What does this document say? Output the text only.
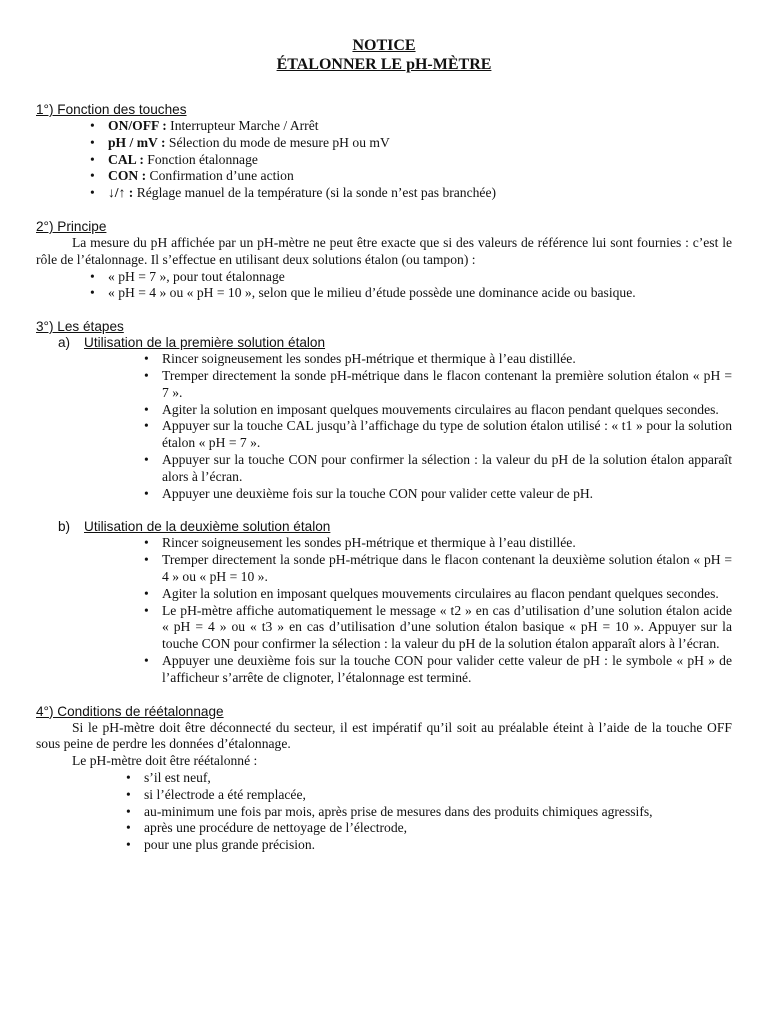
NOTICE
ÉTALONNER LE pH-MÈTRE
1°) Fonction des touches
• ON/OFF : Interrupteur Marche / Arrêt
• pH / mV : Sélection du mode de mesure pH ou mV
• CAL : Fonction étalonnage
• CON : Confirmation d’une action
• ↓/↑ : Réglage manuel de la température (si la sonde n’est pas branchée)
2°) Principe

La mesure du pH affichée par un pH-mètre ne peut être exacte que si des valeurs de référence lui sont fournies : c’est le rôle de l’étalonnage. Il s’effectue en utilisant deux solutions étalon (ou tampon) :

• « pH = 7 », pour tout étalonnage
• « pH = 4 » ou « pH = 10 », selon que le milieu d’étude possède une dominance acide ou basique.
3°) Les étapes
a) Utilisation de la première solution étalon
• Rincer soigneusement les sondes pH-métrique et thermique à l’eau distillée.
• Tremper directement la sonde pH-métrique dans le flacon contenant la première solution étalon « pH = 7 ».
• Agiter la solution en imposant quelques mouvements circulaires au flacon pendant quelques secondes.
• Appuyer sur la touche CAL jusqu’à l’affichage du type de solution étalon utilisé : « t1 » pour la solution étalon « pH = 7 ».
• Appuyer sur la touche CON pour confirmer la sélection : la valeur du pH de la solution étalon apparaît alors à l’écran.
• Appuyer une deuxième fois sur la touche CON pour valider cette valeur de pH.
b) Utilisation de la deuxième solution étalon
• Rincer soigneusement les sondes pH-métrique et thermique à l’eau distillée.
• Tremper directement la sonde pH-métrique dans le flacon contenant la deuxième solution étalon « pH = 4 » ou « pH = 10 ».
• Agiter la solution en imposant quelques mouvements circulaires au flacon pendant quelques secondes.
• Le pH-mètre affiche automatiquement le message « t2 » en cas d’utilisation d’une solution étalon acide « pH = 4 » ou « t3 » en cas d’utilisation d’une solution étalon basique « pH = 10 ». Appuyer sur la touche CON pour confirmer la sélection : la valeur du pH de la solution étalon apparaît alors à l’écran.
• Appuyer une deuxième fois sur la touche CON pour valider cette valeur de pH : le symbole « pH » de l’afficheur s’arrête de clignoter, l’étalonnage est terminé.
4°) Conditions de réétalonnage

Si le pH-mètre doit être déconnecté du secteur, il est impératif qu’il soit au préalable éteint à l’aide de la touche OFF sous peine de perdre les données d’étalonnage.

Le pH-mètre doit être réétalonné :

• s’il est neuf,
• si l’électrode a été remplacée,
• au-minimum une fois par mois, après prise de mesures dans des produits chimiques agressifs,
• après une procédure de nettoyage de l’électrode,
• pour une plus grande précision.
